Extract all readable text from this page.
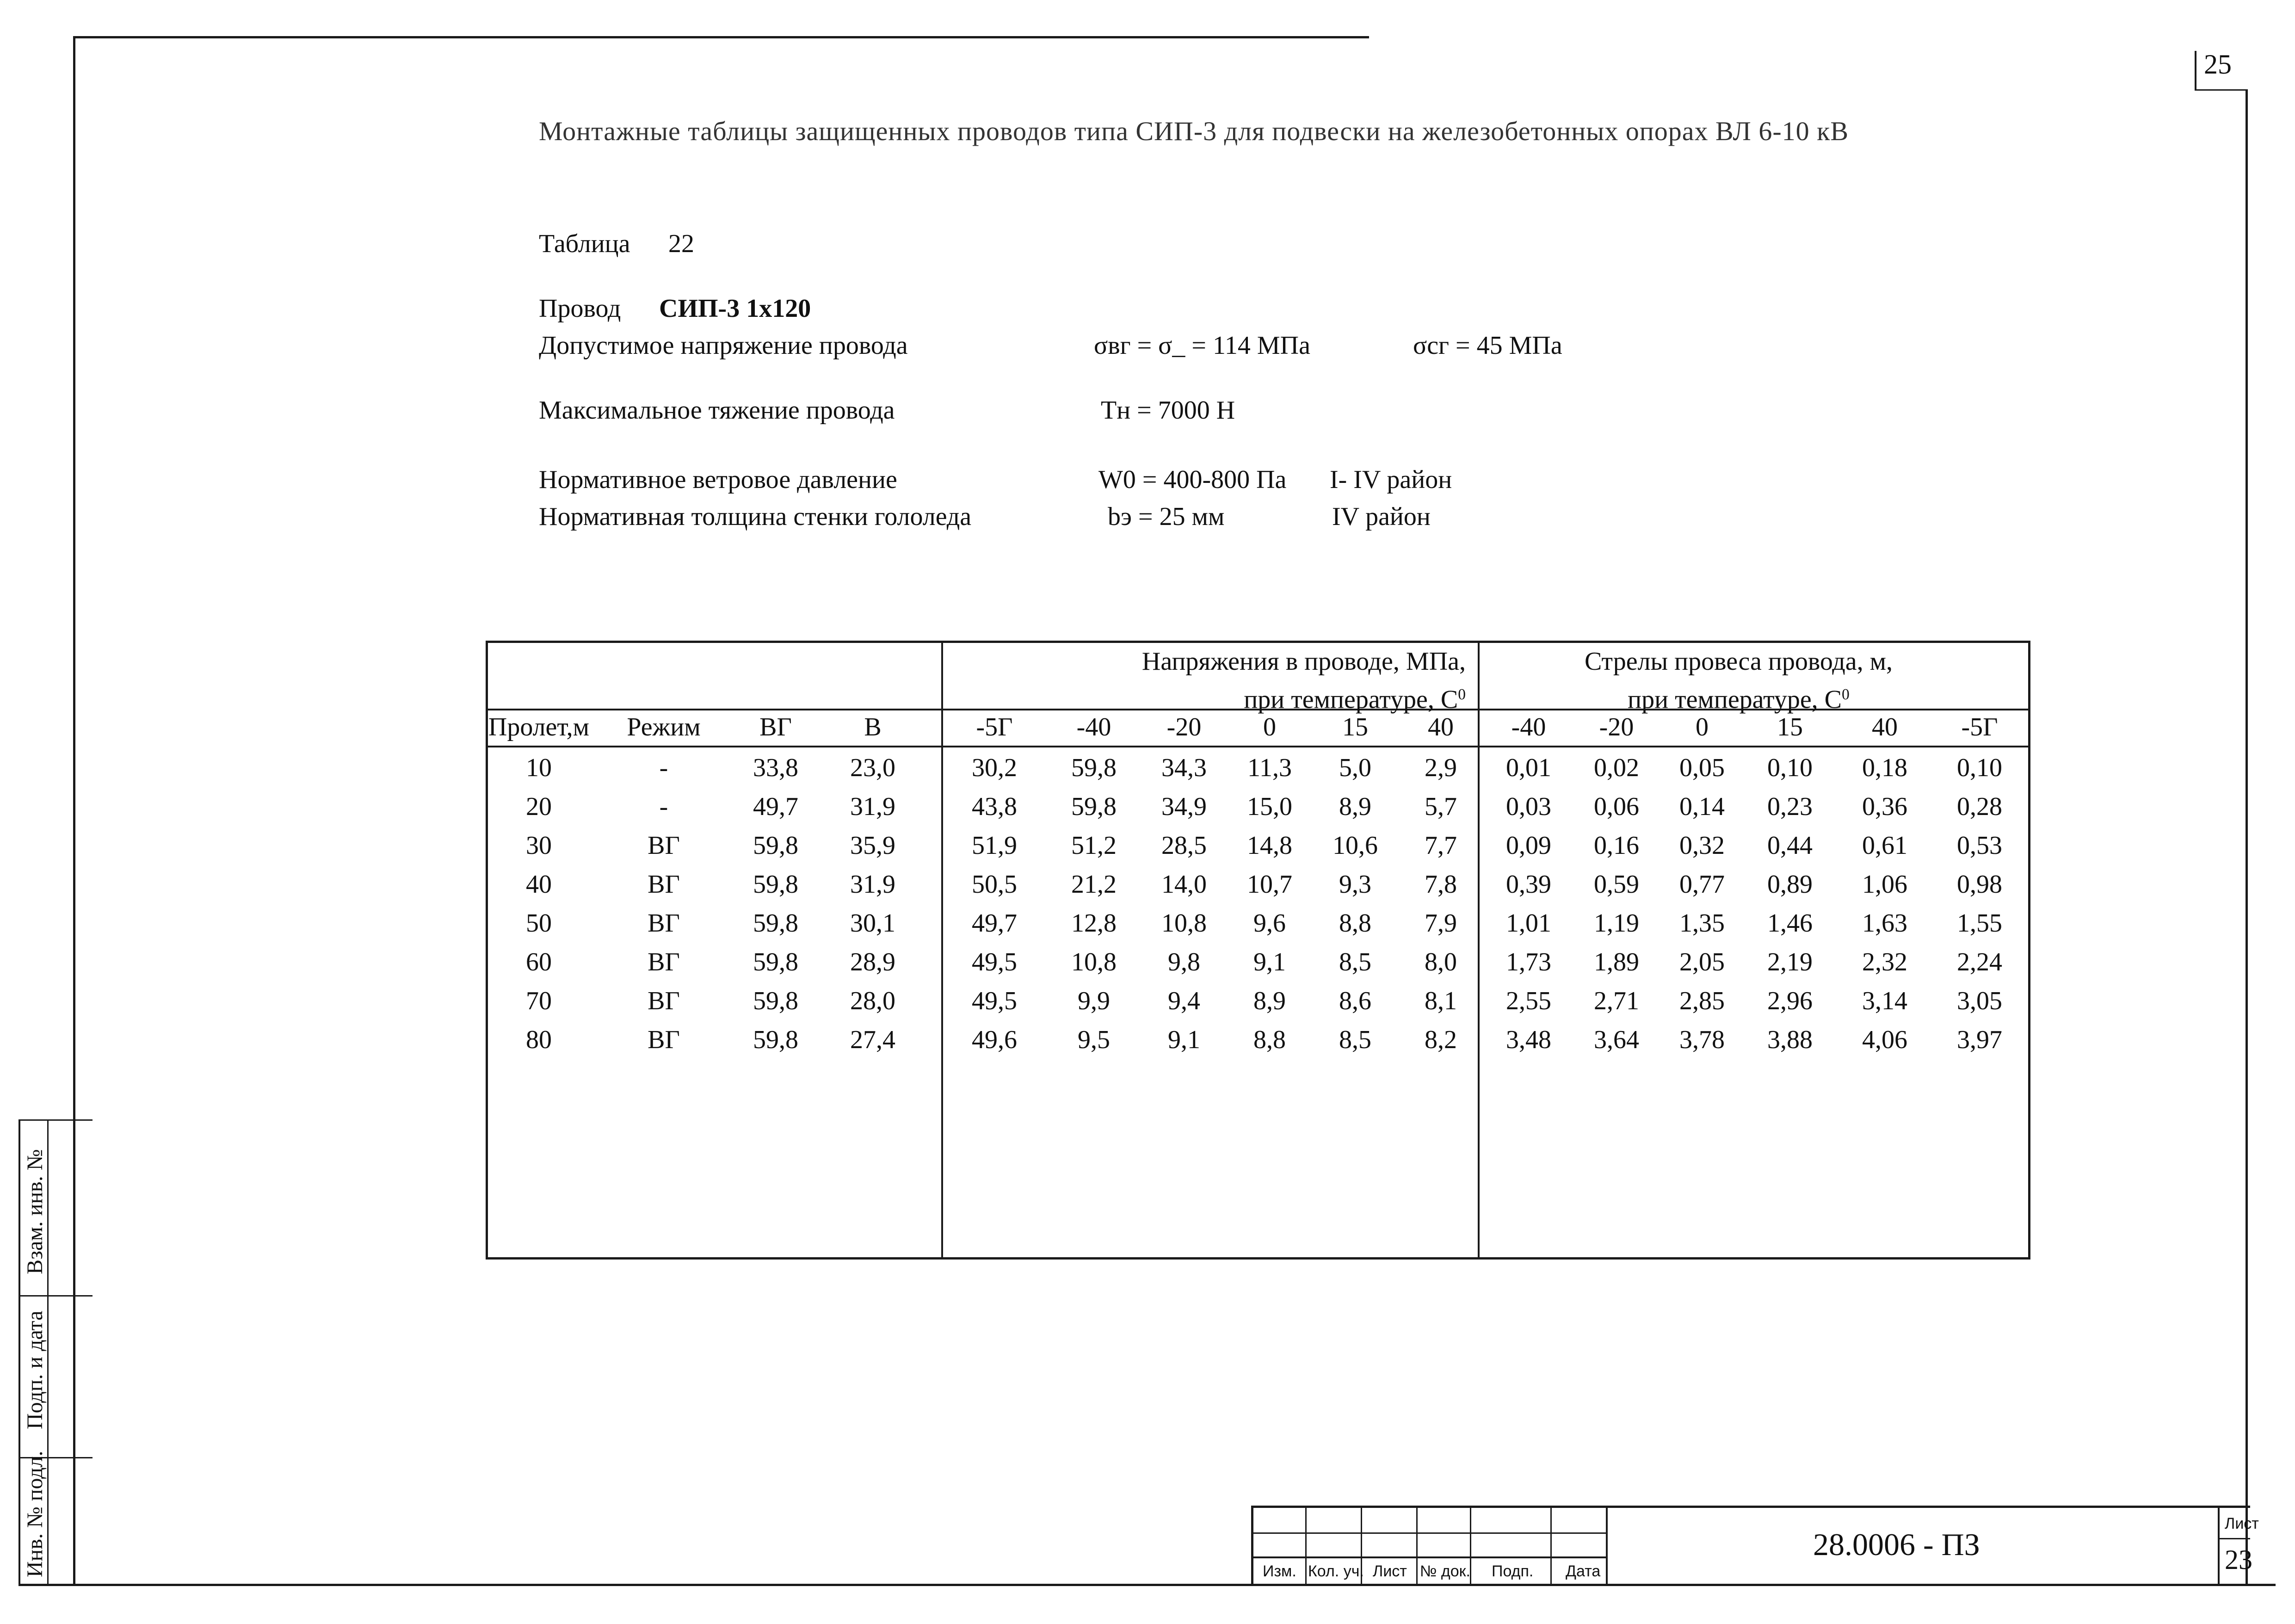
25
Монтажные таблицы защищенных проводов типа СИП-3 для подвески на железобетонных опорах ВЛ 6-10 кВ
Таблица 22
Провод СИП-3 1х120
Допустимое напряжение провода	σвг = σ_ = 114 МПа	σсг = 45 МПа
Максимальное тяжение провода	Тн = 7000 Н
Нормативное ветровое давление	W0 = 400-800 Па I- IV район
Нормативная толщина стенки гололеда	bэ = 25 мм	IV район
Напряжения в проводе, МПа,
при температуре, $С^0$
Стрелы провеса провода, м,
при температуре, $С^0$
Пролет,м	Режим	ВГ	В	-5Г	-40	-20	0	15	40	-40	-20	0	15	40	-5Г
10	-	33,8	23,0	30,2	59,8	34,3	11,3	5,0	2,9	0,01	0,02	0,05	0,10	0,18	0,10
20	-	49,7	31,9	43,8	59,8	34,9	15,0	8,9	5,7	0,03	0,06	0,14	0,23	0,36	0,28
30	ВГ	59,8	35,9	51,9	51,2	28,5	14,8	10,6	7,7	0,09	0,16	0,32	0,44	0,61	0,53
40	ВГ	59,8	31,9	50,5	21,2	14,0	10,7	9,3	7,8	0,39	0,59	0,77	0,89	1,06	0,98
50	ВГ	59,8	30,1	49,7	12,8	10,8	9,6	8,8	7,9	1,01	1,19	1,35	1,46	1,63	1,55
60	ВГ	59,8	28,9	49,5	10,8	9,8	9,1	8,5	8,0	1,73	1,89	2,05	2,19	2,32	2,24
70	ВГ	59,8	28,0	49,5	9,9	9,4	8,9	8,6	8,1	2,55	2,71	2,85	2,96	3,14	3,05
80	ВГ	59,8	27,4	49,6	9,5	9,1	8,8	8,5	8,2	3,48	3,64	3,78	3,88	4,06	3,97
Взам. инв. №
Подп. и дата
Инв. № подл.	Изм. Кол. уч. Лист № док. Подп. Дата
28.0006 - ПЗ
Лист
23
